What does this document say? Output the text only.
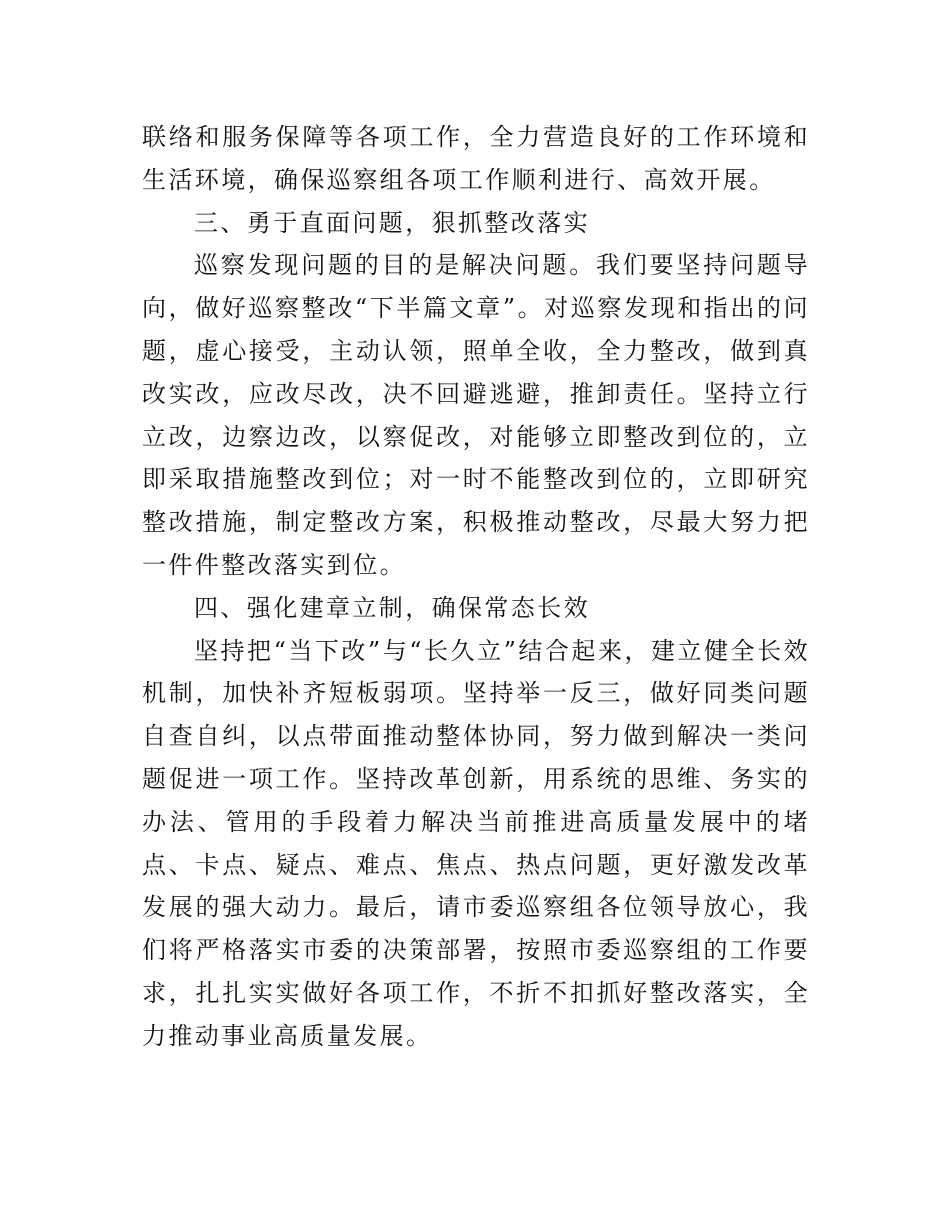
联络和服务保障等各项工作，全力营造良好的工作环境和生活环境，确保巡察组各项工作顺利进行、高效开展。

三、勇于直面问题，狠抓整改落实

巡察发现问题的目的是解决问题。我们要坚持问题导向，做好巡察整改“下半篇文章”。对巡察发现和指出的问题，虚心接受，主动认领，照单全收，全力整改，做到真改实改，应改尽改，决不回避逃避，推卸责任。坚持立行立改，边察边改，以察促改，对能够立即整改到位的，立即采取措施整改到位；对一时不能整改到位的，立即研究整改措施，制定整改方案，积极推动整改，尽最大努力把一件件整改落实到位。

四、强化建章立制，确保常态长效

坚持把“当下改”与“长久立”结合起来，建立健全长效机制，加快补齐短板弱项。坚持举一反三，做好同类问题自查自纠，以点带面推动整体协同，努力做到解决一类问题促进一项工作。坚持改革创新，用系统的思维、务实的办法、管用的手段着力解决当前推进高质量发展中的堵点、卡点、疑点、难点、焦点、热点问题，更好激发改革发展的强大动力。最后，请市委巡察组各位领导放心，我们将严格落实市委的决策部署，按照市委巡察组的工作要求，扎扎实实做好各项工作，不折不扣抓好整改落实，全力推动事业高质量发展。
